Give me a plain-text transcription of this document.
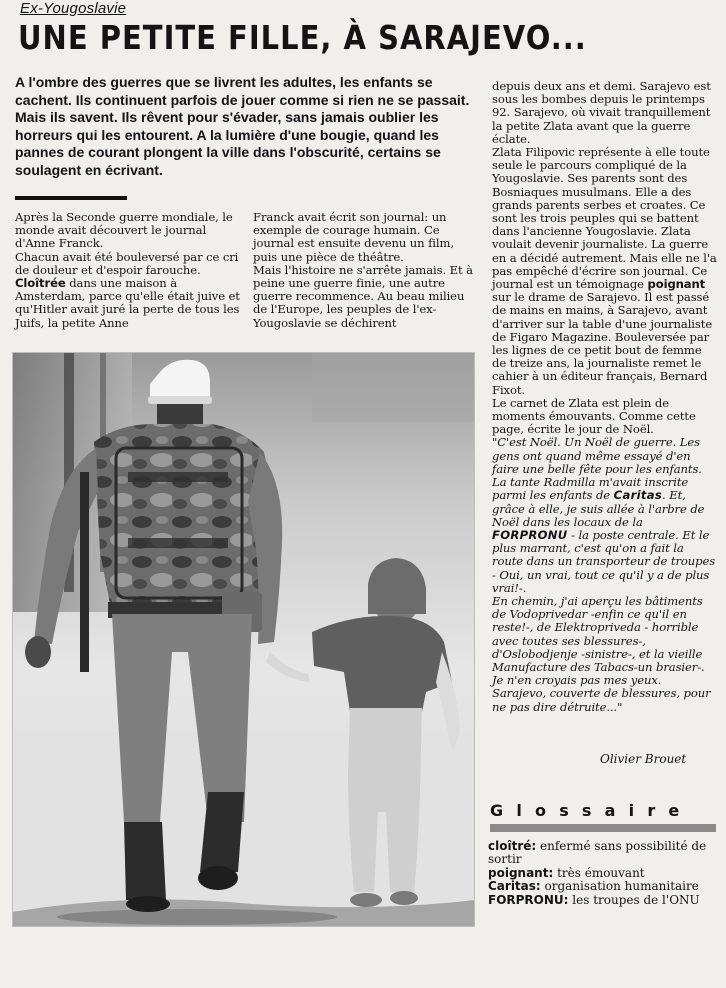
Ex-Yougoslavie

UNE PETITE FILLE, À SARAJEVO...

A l'ombre des guerres que se livrent les adultes, les enfants se cachent. Ils continuent parfois de jouer comme si rien ne se passait. Mais ils savent. Ils rêvent pour s'évader, sans jamais oublier les horreurs qui les entourent. A la lumière d'une bougie, quand les pannes de courant plongent la ville dans l'obscurité, certains se soulagent en écrivant.

Après la Seconde guerre mondiale, le monde avait découvert le journal d'Anne Franck.

Chacun avait été bouleversé par ce cri de douleur et d'espoir farouche.
Cloîtrée dans une maison à Amsterdam, parce qu'elle était juive et qu'Hitler avait juré la perte de tous les Juifs, la petite Anne

Franck avait écrit son journal: un exemple de courage humain. Ce journal est ensuite devenu un film, puis une pièce de théâtre.

Mais l'histoire ne s'arrête jamais. Et à peine une guerre finie, une autre guerre recommence. Au beau milieu de l'Europe, les peuples de l'ex-Yougoslavie se déchirent

depuis deux ans et demi. Sarajevo est sous les bombes depuis le printemps 92. Sarajevo, où vivait tranquillement la petite Zlata avant que la guerre éclate.

Zlata Filipovic représente à elle toute seule le parcours compliqué de la Yougoslavie. Ses parents sont des Bosniaques musulmans. Elle a des grands parents serbes et croates. Ce sont les trois peuples qui se battent dans l'ancienne Yougoslavie. Zlata voulait devenir journaliste. La guerre en a décidé autrement. Mais elle ne l'a pas empêché d'écrire son journal. Ce journal est un témoignage poignant sur le drame de Sarajevo. Il est passé de mains en mains, à Sarajevo, avant d'arriver sur la table d'une journaliste de Figaro Magazine. Bouleversée par les lignes de ce petit bout de femme de treize ans, la journaliste remet le cahier à un éditeur français, Bernard Fixot.

Le carnet de Zlata est plein de moments émouvants. Comme cette page, écrite le jour de Noël.

"C'est Noël. Un Noël de guerre. Les gens ont quand même essayé d'en faire une belle fête pour les enfants. La tante Radmilla m'avait inscrite parmi les enfants de Caritas. Et, grâce à elle, je suis allée à l'arbre de Noël dans les locaux de la FORPRONU - la poste centrale. Et le plus marrant, c'est qu'on a fait la route dans un transporteur de troupes - Oui, un vrai, tout ce qu'il y a de plus vrai!-.
En chemin, j'ai aperçu les bâtiments de Vodoprivedar -enfin ce qu'il en reste!-, de Elektropriveda - horrible avec toutes ses blessures-, d'Oslobodjenje -sinistre-, et la vieille Manufacture des Tabacs-un brasier-. Je n'en croyais pas mes yeux. Sarajevo, couverte de blessures, pour ne pas dire détruite..."

Olivier Brouet

Glossaire
cloîtré: enfermé sans possibilité de sortir
poignant: très émouvant
Caritas: organisation humanitaire
FORPRONU: les troupes de l'ONU
